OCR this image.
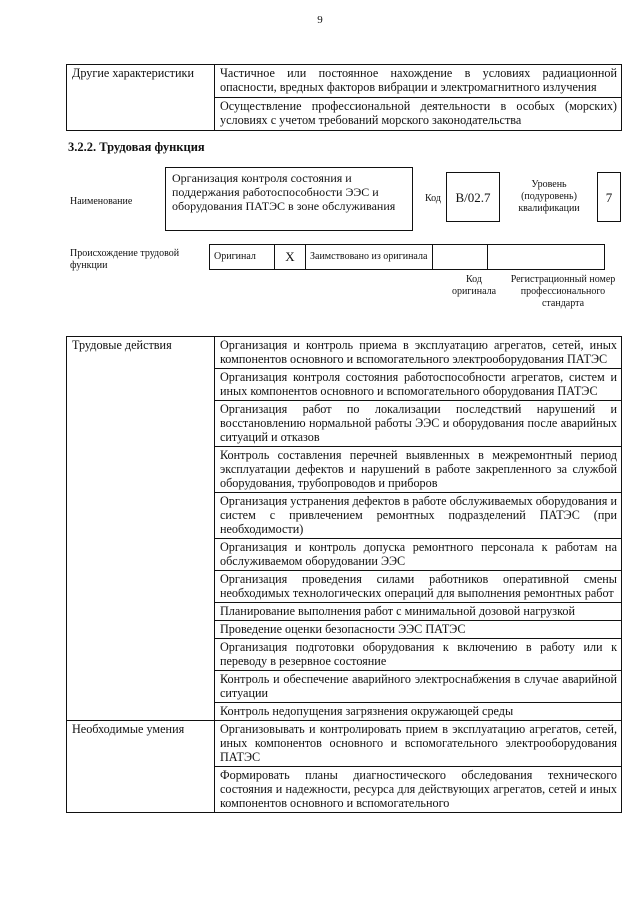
9
Другие характеристики	Частичное или постоянное нахождение в условиях радиационной опасности, вредных факторов вибрации и электромагнитного излучения
Осуществление профессиональной деятельности в особых (морских) условиях с учетом требований морского законодательства
3.2.2. Трудовая функция
Наименование
Организация контроля состояния и поддержания работоспособности ЭЭС и оборудования ПАТЭС в зоне обслуживания
Код	B/02.7
Уровень (подуровень) квалификации
7
Происхождение трудовой функции
Оригинал	X	Заимствовано из оригинала		
Код оригинала
Регистрационный номер профессионального стандарта
Трудовые действия	Организация и контроль приема в эксплуатацию агрегатов, сетей, иных компонентов основного и вспомогательного электрооборудования ПАТЭС
	Организация контроля состояния работоспособности агрегатов, систем и иных компонентов основного и вспомогательного оборудования ПАТЭС
	Организация работ по локализации последствий нарушений и восстановлению нормальной работы ЭЭС и оборудования после аварийных ситуаций и отказов
	Контроль составления перечней выявленных в межремонтный период эксплуатации дефектов и нарушений в работе закрепленного за службой оборудования, трубопроводов и приборов
	Организация устранения дефектов в работе обслуживаемых оборудования и систем с привлечением ремонтных подразделений ПАТЭС (при необходимости)
	Организация и контроль допуска ремонтного персонала к работам на обслуживаемом оборудовании ЭЭС
	Организация проведения силами работников оперативной смены необходимых технологических операций для выполнения ремонтных работ
	Планирование выполнения работ с минимальной дозовой нагрузкой
	Проведение оценки безопасности ЭЭС ПАТЭС
	Организация подготовки оборудования к включению в работу или к переводу в резервное состояние
	Контроль и обеспечение аварийного электроснабжения в случае аварийной ситуации
	Контроль недопущения загрязнения окружающей среды
Необходимые умения	Организовывать и контролировать прием в эксплуатацию агрегатов, сетей, иных компонентов основного и вспомогательного электрооборудования ПАТЭС
	Формировать планы диагностического обследования технического состояния и надежности, ресурса для действующих агрегатов, сетей и иных компонентов основного и вспомогательного
